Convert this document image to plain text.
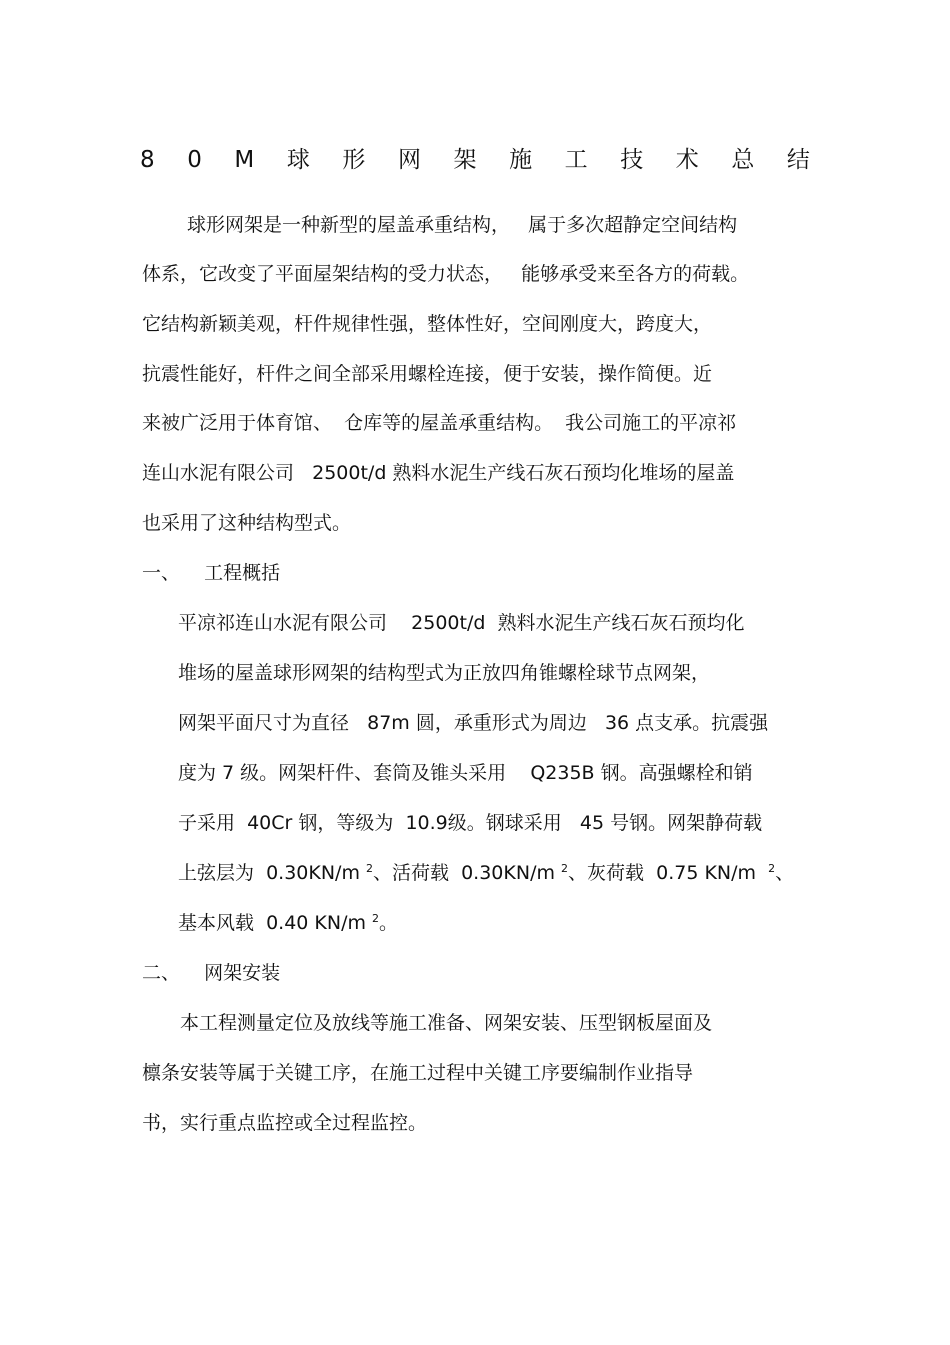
8 0 M 球 形 网 架 施 工 技 术 总 结
球形网架是一种新型的屋盖承重结构，   属于多次超静定空间结构
体系，它改变了平面屋架结构的受力状态，   能够承受来至各方的荷载。
它结构新颖美观，杆件规律性强，整体性好，空间刚度大，跨度大，
抗震性能好，杆件之间全部采用螺栓连接，便于安装，操作简便。近
来被广泛用于体育馆、  仓库等的屋盖承重结构。  我公司施工的平凉祁
连山水泥有限公司   2500t/d 熟料水泥生产线石灰石预均化堆场的屋盖
也采用了这种结构型式。
一、    工程概括
平凉祁连山水泥有限公司    2500t/d  熟料水泥生产线石灰石预均化
堆场的屋盖球形网架的结构型式为正放四角锥螺栓球节点网架，
网架平面尺寸为直径   87m 圆，承重形式为周边   36 点支承。抗震强
度为 7 级。网架杆件、套筒及锥头采用    Q235B 钢。高强螺栓和销
子采用  40Cr 钢，等级为  10.9级。钢球采用   45 号钢。网架静荷载
上弦层为  0.30KN/m $^2$、活荷载  0.30KN/m $^2$、灰荷载  0.75 KN/m  $^2$、
基本风载  0.40 KN/m $^2$。
二、    网架安装
本工程测量定位及放线等施工准备、网架安装、压型钢板屋面及
檩条安装等属于关键工序，在施工过程中关键工序要编制作业指导
书，实行重点监控或全过程监控。
